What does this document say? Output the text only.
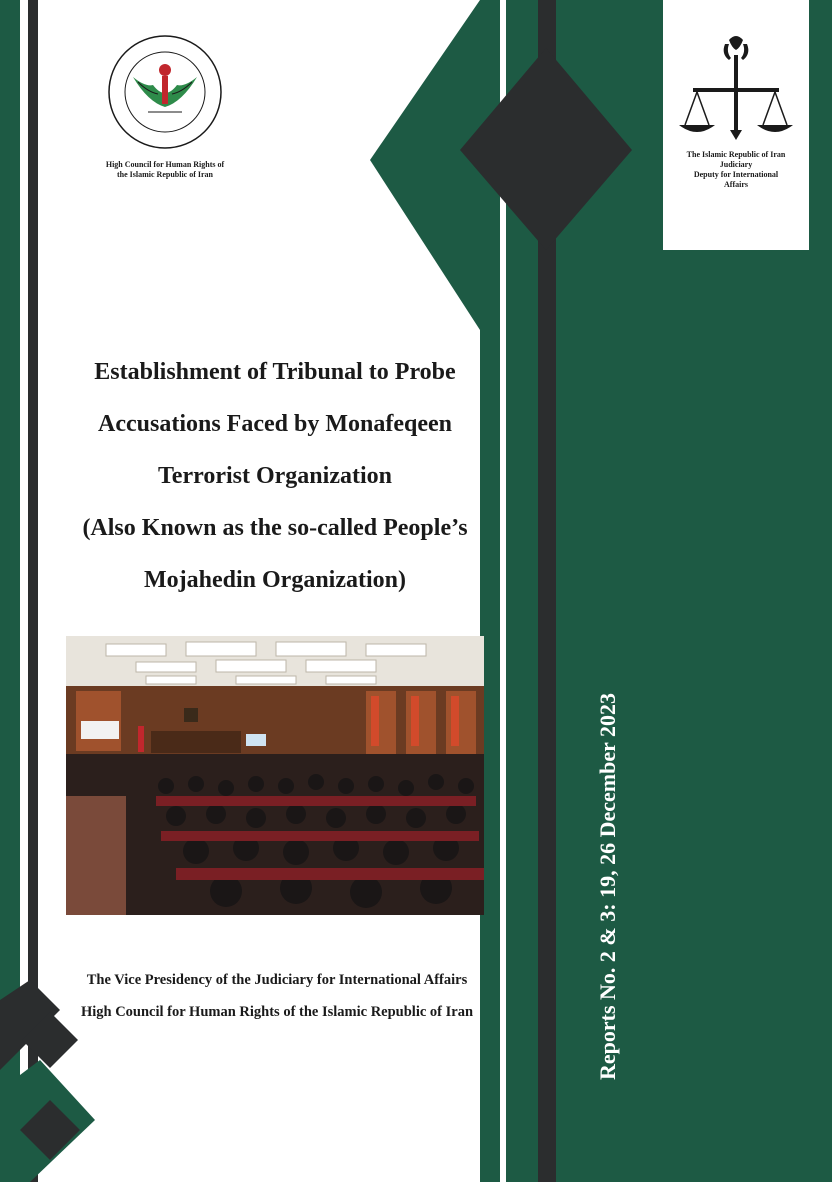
The Islamic Republic of Iran
Judiciary
Deputy for International
Affairs
High Council for Human Rights of
the Islamic Republic of Iran
Establishment of Tribunal to Probe
Accusations Faced by Monafeqeen
Terrorist Organization
(Also Known as the so-called People’s
Mojahedin Organization)
The Vice Presidency of the Judiciary for International Affairs
High Council for Human Rights of the Islamic Republic of Iran	Reports No. 2 & 3: 19, 26 December 2023
